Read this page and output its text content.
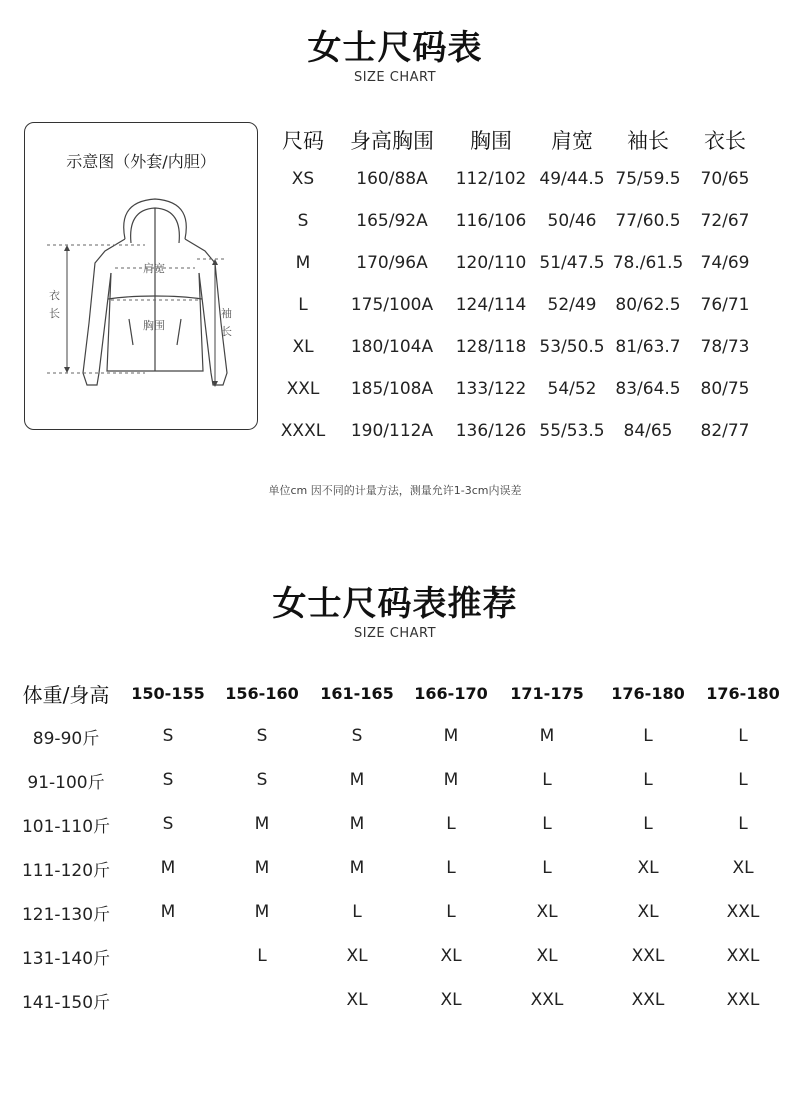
女士尺码表
SIZE CHART
示意图（外套/内胆）
肩宽
胸围
衣
长	袖
长
尺码	身高胸围	胸围	肩宽	袖长	衣长
XS	160/88A	112/102	49/44.5	75/59.5	70/65
S	165/92A	116/106	50/46	77/60.5	72/67
M	170/96A	120/110	51/47.5	78./61.5	74/69
L	175/100A	124/114	52/49	80/62.5	76/71
XL	180/104A	128/118	53/50.5	81/63.7	78/73
XXL	185/108A	133/122	54/52	83/64.5	80/75
XXXL	190/112A	136/126	55/53.5	84/65	82/77
单位cm 因不同的计量方法，测量允许1-3cm内误差
女士尺码表推荐
SIZE CHART
体重/身高	150-155	156-160	161-165	166-170	171-175	176-180	176-180
89-90斤	S	S	S	M	M	L	L
91-100斤	S	S	M	M	L	L	L
101-110斤	S	M	M	L	L	L	L
111-120斤	M	M	M	L	L	XL	XL
121-130斤	M	M	L	L	XL	XL	XXL
131-140斤		L	XL	XL	XL	XXL	XXL
141-150斤			XL	XL	XXL	XXL	XXL
